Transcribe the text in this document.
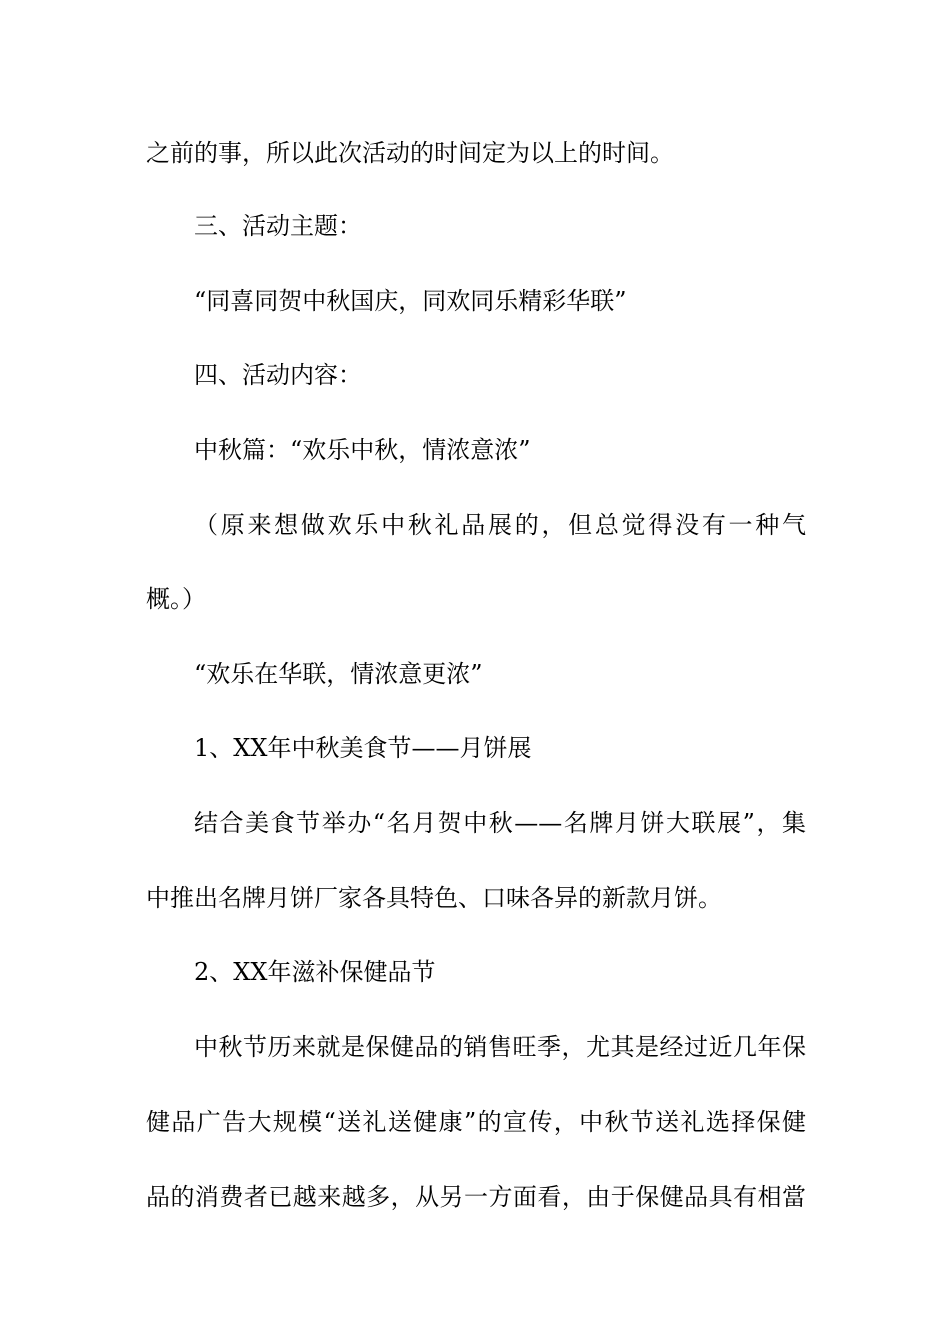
之前的事，所以此次活动的时间定为以上的时间。
三、活动主题：
“同喜同贺中秋国庆，同欢同乐精彩华联”
四、活动内容：
中秋篇：“欢乐中秋，情浓意浓”
（原来想做欢乐中秋礼品展的，但总觉得没有一种气
概。）
“欢乐在华联，情浓意更浓”
1、XX年中秋美食节——月饼展
结合美食节举办“名月贺中秋——名牌月饼大联展”，集
中推出名牌月饼厂家各具特色、口味各异的新款月饼。
2、XX年滋补保健品节
中秋节历来就是保健品的销售旺季，尤其是经过近几年保
健品广告大规模“送礼送健康”的宣传，中秋节送礼选择保健
品的消费者已越来越多，从另一方面看，由于保健品具有相當
